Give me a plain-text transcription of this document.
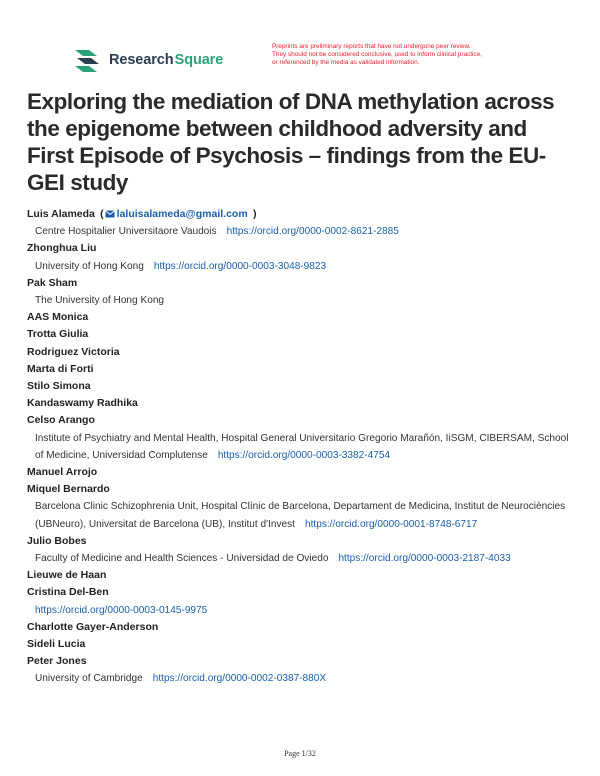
Research Square
Preprints are preliminary reports that have not undergone peer review.
They should not be considered conclusive, used to inform clinical practice,
or referenced by the media as validated information.
Exploring the mediation of DNA methylation across the epigenome between childhood adversity and First Episode of Psychosis – findings from the EU-GEI study
Luis Alameda ( laluisalameda@gmail.com )
Centre Hospitalier Universitaore Vaudois https://orcid.org/0000-0002-8621-2885
Zhonghua Liu
University of Hong Kong https://orcid.org/0000-0003-3048-9823
Pak Sham
The University of Hong Kong
AAS Monica
Trotta Giulia
Rodriguez Victoria
Marta di Forti
Stilo Simona
Kandaswamy Radhika
Celso Arango
Institute of Psychiatry and Mental Health, Hospital General Universitario Gregorio Marañón, IiSGM, CIBERSAM, School of Medicine, Universidad Complutense https://orcid.org/0000-0003-3382-4754
Manuel Arrojo
Miquel Bernardo
Barcelona Clinic Schizophrenia Unit, Hospital Clínic de Barcelona, Departament de Medicina, Institut de Neurociències (UBNeuro), Universitat de Barcelona (UB), Institut d'Invest https://orcid.org/0000-0001-8748-6717
Julio Bobes
Faculty of Medicine and Health Sciences - Universidad de Oviedo https://orcid.org/0000-0003-2187-4033
Lieuwe de Haan
Cristina Del-Ben
https://orcid.org/0000-0003-0145-9975
Charlotte Gayer-Anderson
Sideli Lucia
Peter Jones
University of Cambridge https://orcid.org/0000-0002-0387-880X
Page 1/32
